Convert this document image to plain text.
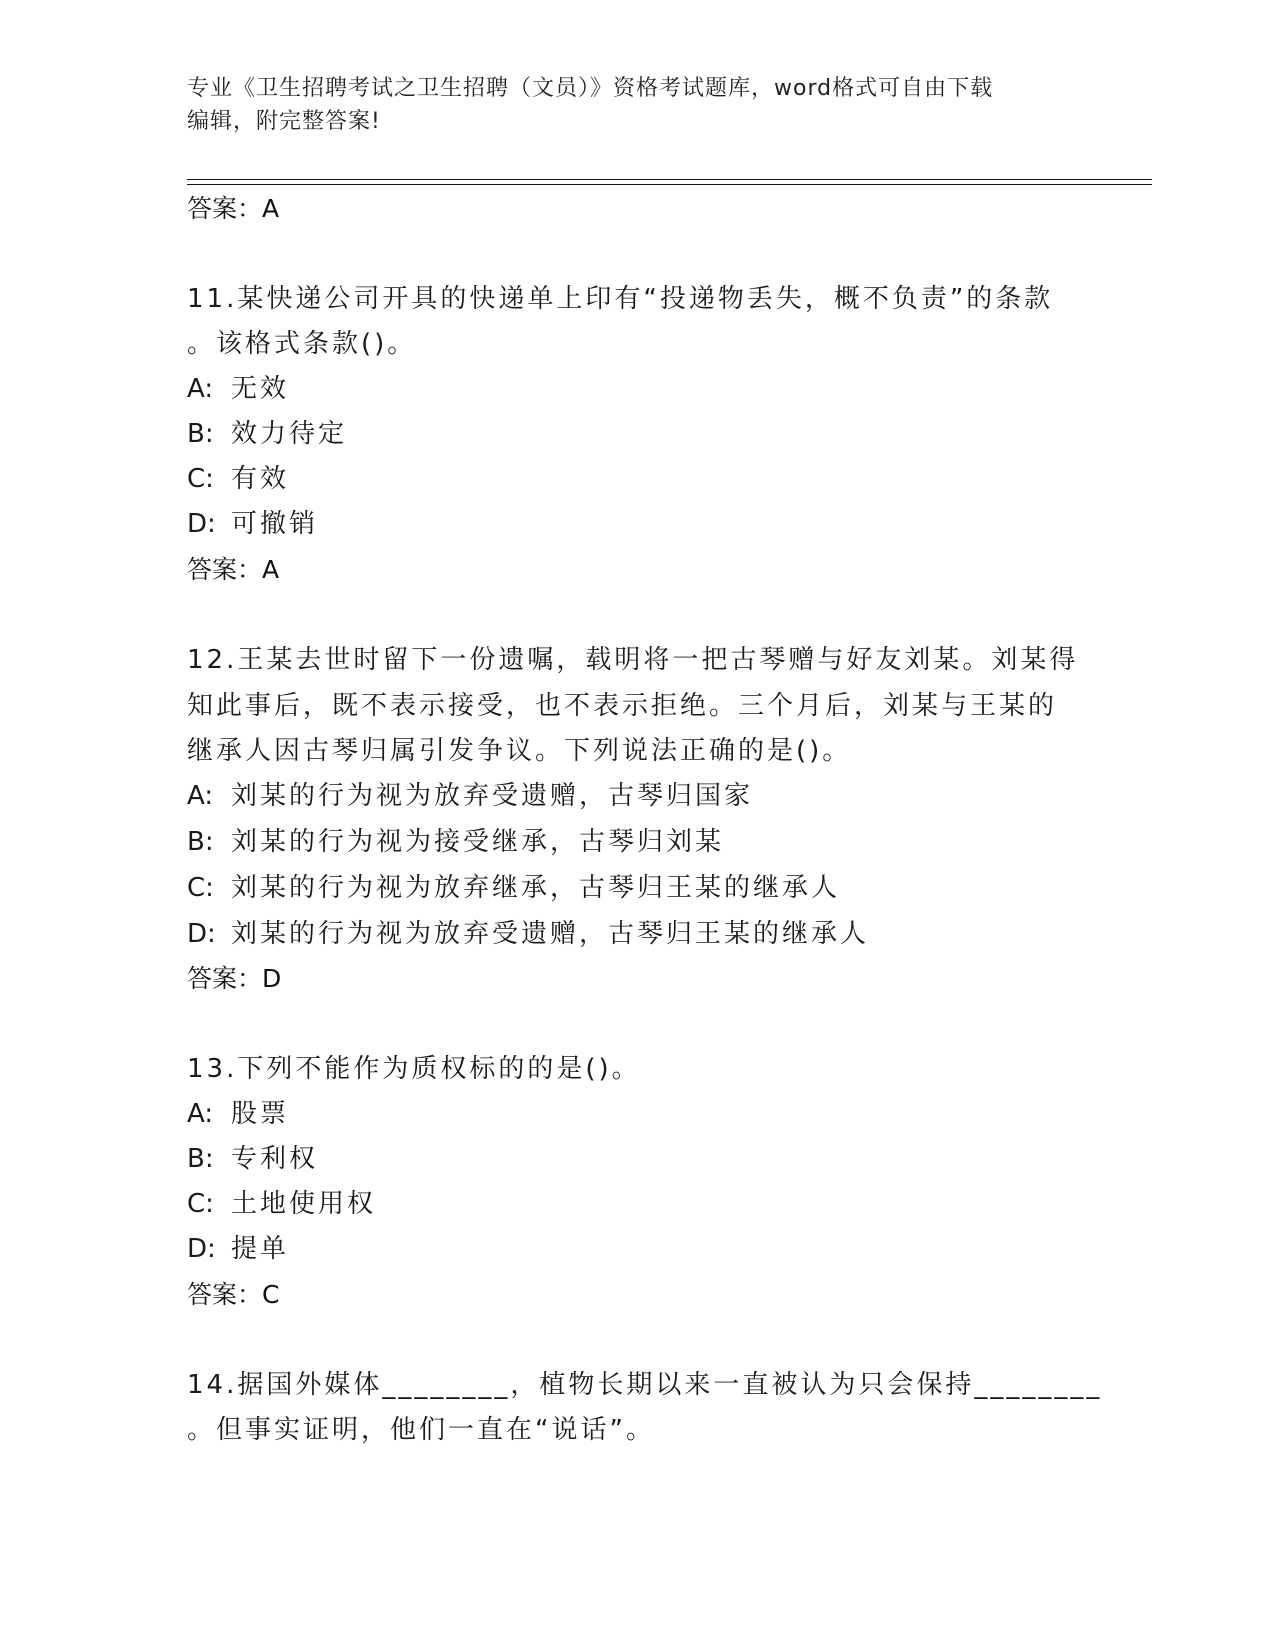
专业《卫生招聘考试之卫生招聘（文员）》资格考试题库，word格式可自由下载
编辑，附完整答案!
答案：A
11.某快递公司开具的快递单上印有“投递物丢失，概不负责”的条款
。该格式条款()。
A: 无效
B: 效力待定
C: 有效
D: 可撤销
答案：A
12.王某去世时留下一份遗嘱，载明将一把古琴赠与好友刘某。刘某得
知此事后，既不表示接受，也不表示拒绝。三个月后，刘某与王某的
继承人因古琴归属引发争议。下列说法正确的是()。
A: 刘某的行为视为放弃受遗赠，古琴归国家
B: 刘某的行为视为接受继承，古琴归刘某
C: 刘某的行为视为放弃继承，古琴归王某的继承人
D: 刘某的行为视为放弃受遗赠，古琴归王某的继承人
答案：D
13.下列不能作为质权标的的是()。
A: 股票
B: 专利权
C: 土地使用权
D: 提单
答案：C
14.据国外媒体________，植物长期以来一直被认为只会保持________
。但事实证明，他们一直在“说话”。
